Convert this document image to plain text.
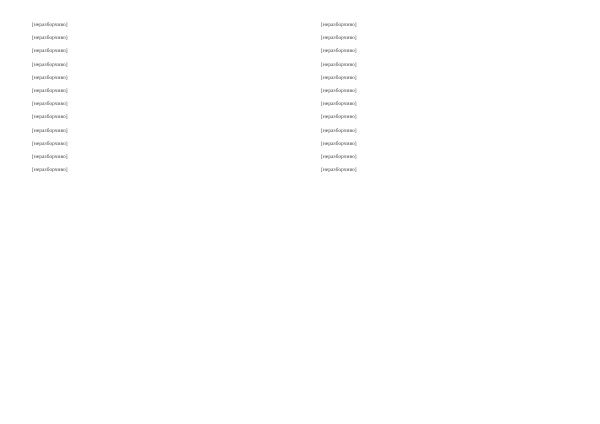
[неразборчиво]

[неразборчиво]

[неразборчиво]

[неразборчиво]

[неразборчиво]

[неразборчиво]

[неразборчиво]

[неразборчиво]

[неразборчиво]

[неразборчиво]

[неразборчиво]

[неразборчиво]

[неразборчиво]

[неразборчиво]

[неразборчиво]

[неразборчиво]

[неразборчиво]

[неразборчиво]

[неразборчиво]

[неразборчиво]

[неразборчиво]

[неразборчиво]

[неразборчиво]

[неразборчиво]
